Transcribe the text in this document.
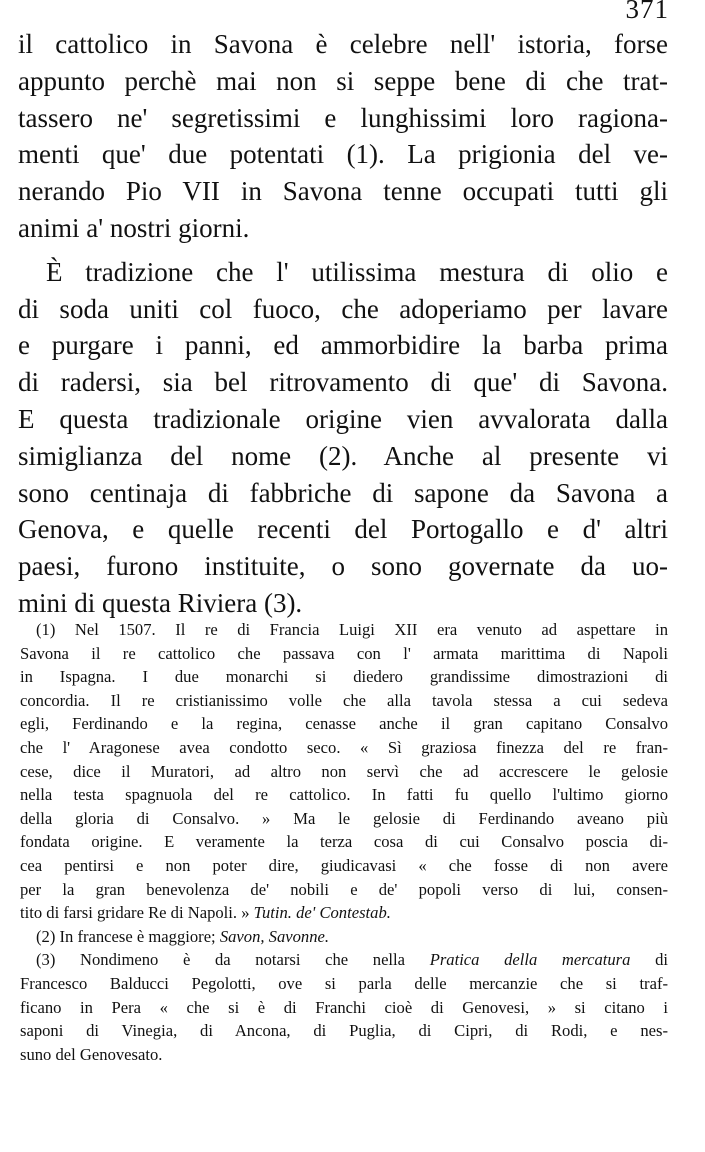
371
il cattolico in Savona è celebre nell' istoria, forse
appunto perchè mai non si seppe bene di che trat-
tassero ne' segretissimi e lunghissimi loro ragiona-
menti que' due potentati (1). La prigionia del ve-
nerando Pio VII in Savona tenne occupati tutti gli
animi a' nostri giorni.
È tradizione che l' utilissima mestura di olio e
di soda uniti col fuoco, che adoperiamo per lavare
e purgare i panni, ed ammorbidire la barba prima
di radersi, sia bel ritrovamento di que' di Savona.
E questa tradizionale origine vien avvalorata dalla
simiglianza del nome (2). Anche al presente vi
sono centinaja di fabbriche di sapone da Savona a
Genova, e quelle recenti del Portogallo e d' altri
paesi, furono instituite, o sono governate da uo-
mini di questa Riviera (3).
(1) Nel 1507. Il re di Francia Luigi XII era venuto ad aspettare in
Savona il re cattolico che passava con l' armata marittima di Napoli
in Ispagna. I due monarchi si diedero grandissime dimostrazioni di
concordia. Il re cristianissimo volle che alla tavola stessa a cui sedeva
egli, Ferdinando e la regina, cenasse anche il gran capitano Consalvo
che l' Aragonese avea condotto seco. « Sì graziosa finezza del re fran-
cese, dice il Muratori, ad altro non servì che ad accrescere le gelosie
nella testa spagnuola del re cattolico. In fatti fu quello l'ultimo giorno
della gloria di Consalvo. » Ma le gelosie di Ferdinando aveano più
fondata origine. E veramente la terza cosa di cui Consalvo poscia di-
cea pentirsi e non poter dire, giudicavasi « che fosse di non avere
per la gran benevolenza de' nobili e de' popoli verso di lui, consen-
tito di farsi gridare Re di Napoli. » Tutin. de' Contestab.
(2) In francese è maggiore; Savon, Savonne.
(3) Nondimeno è da notarsi che nella Pratica della mercatura di
Francesco Balducci Pegolotti, ove si parla delle mercanzie che si traf-
ficano in Pera « che si è di Franchi cioè di Genovesi, » si citano i
saponi di Vinegia, di Ancona, di Puglia, di Cipri, di Rodi, e nes-
suno del Genovesato.
